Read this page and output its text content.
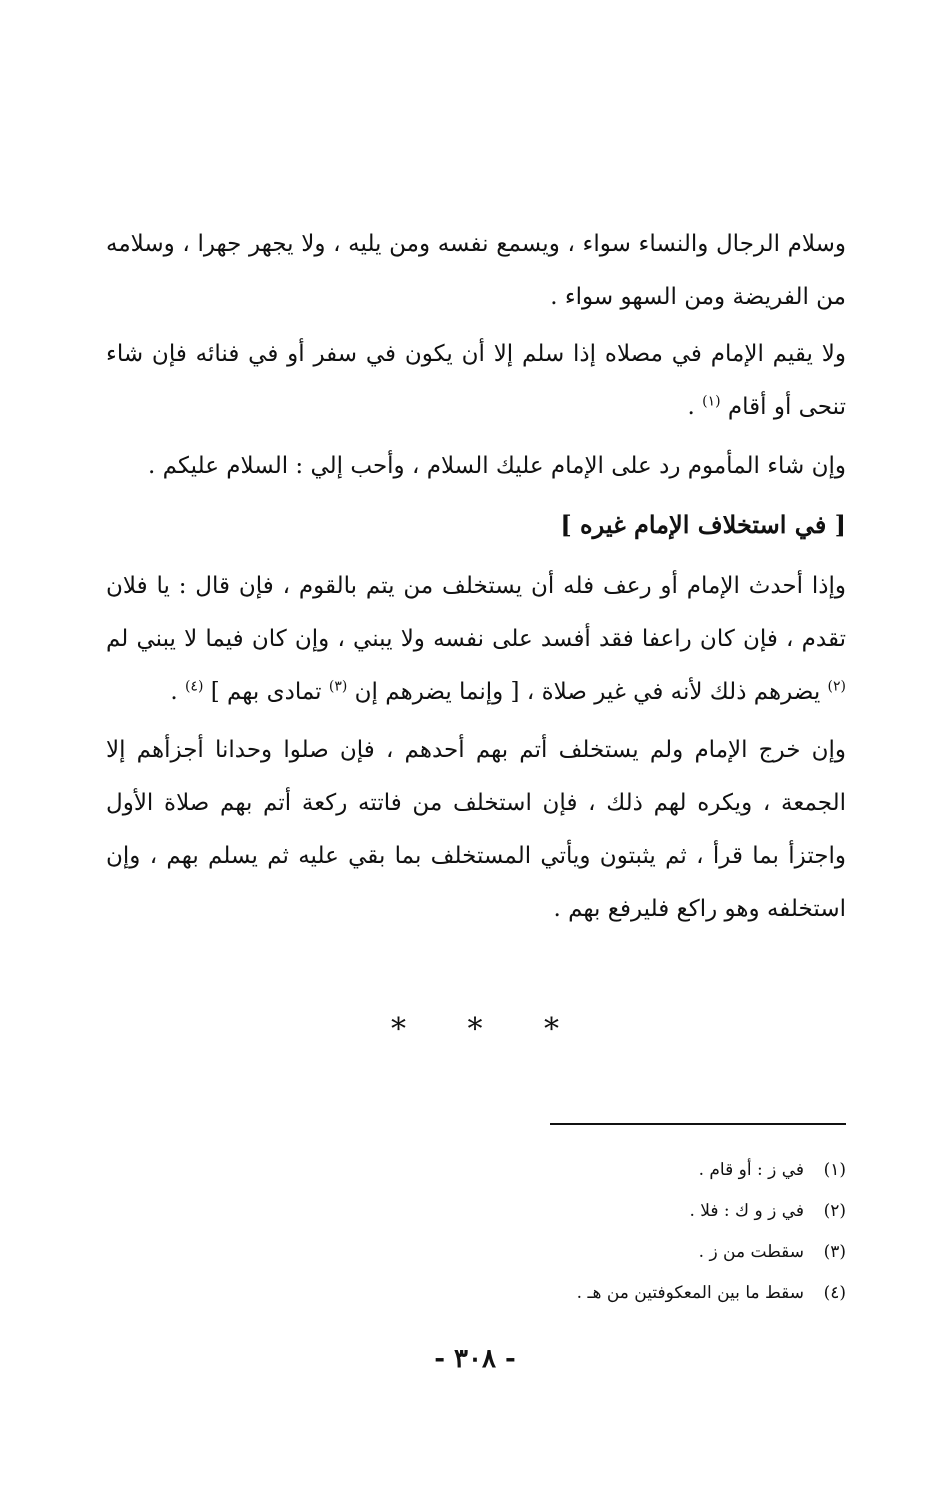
وسلام الرجال والنساء سواء ، ويسمع نفسه ومن يليه ، ولا يجهر جهرا ، وسلامه من الفريضة ومن السهو سواء .

ولا يقيم الإمام في مصلاه إذا سلم إلا أن يكون في سفر أو في فنائه فإن شاء تنحى أو أقام $^{(١)}$ .

وإن شاء المأموم رد على الإمام عليك السلام ، وأحب إلي : السلام عليكم .

[ في استخلاف الإمام غيره ]

وإذا أحدث الإمام أو رعف فله أن يستخلف من يتم بالقوم ، فإن قال : يا فلان تقدم ، فإن كان راعفا فقد أفسد على نفسه ولا يبني ، وإن كان فيما لا يبني لم $^{(٢)}$ يضرهم ذلك لأنه في غير صلاة ، [ وإنما يضرهم إن $^{(٣)}$ تمادى بهم ] $^{(٤)}$ .

وإن خرج الإمام ولم يستخلف أتم بهم أحدهم ، فإن صلوا وحدانا أجزأهم إلا الجمعة ، ويكره لهم ذلك ، فإن استخلف من فاتته ركعة أتم بهم صلاة الأول واجتزأ بما قرأ ، ثم يثبتون ويأتي المستخلف بما بقي عليه ثم يسلم بهم ، وإن استخلفه وهو راكع فليرفع بهم .

* * *
(١)
في ز : أو قام .
(٢)
في ز و ك : فلا .
(٣)
سقطت من ز .
(٤)
سقط ما بين المعكوفتين من هـ .
- ٣٠٨ -
